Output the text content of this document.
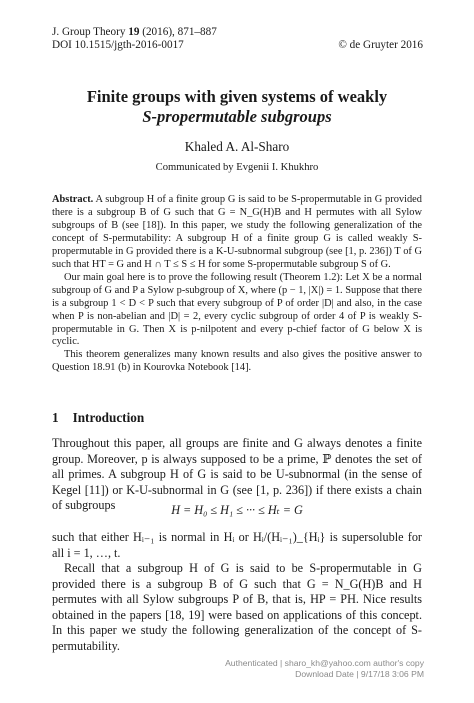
J. Group Theory 19 (2016), 871–887
DOI 10.1515/jgth-2016-0017	© de Gruyter 2016
Finite groups with given systems of weakly
S-propermutable subgroups
Khaled A. Al-Sharo
Communicated by Evgenii I. Khukhro

Abstract. A subgroup H of a finite group G is said to be S-propermutable in G provided there is a subgroup B of G such that G = N_G(H)B and H permutes with all Sylow subgroups of B (see [18]). In this paper, we study the following generalization of the concept of S-permutability: A subgroup H of a finite group G is called weakly S-propermutable in G provided there is a K-U-subnormal subgroup (see [1, p. 236]) T of G such that HT = G and H ∩ T ≤ S ≤ H for some S-propermutable subgroup S of G.

Our main goal here is to prove the following result (Theorem 1.2): Let X be a normal subgroup of G and P a Sylow p-subgroup of X, where (p − 1, |X|) = 1. Suppose that there is a subgroup 1 < D < P such that every subgroup of P of order |D| and also, in the case when P is non-abelian and |D| = 2, every cyclic subgroup of order 4 of P is weakly S-propermutable in G. Then X is p-nilpotent and every p-chief factor of G below X is cyclic.

This theorem generalizes many known results and also gives the positive answer to Question 18.91 (b) in Kourovka Notebook [14].

1 Introduction

Throughout this paper, all groups are finite and G always denotes a finite group. Moreover, p is always supposed to be a prime, ℙ denotes the set of all primes. A subgroup H of G is said to be U-subnormal (in the sense of Kegel [11]) or K-U-subnormal in G (see [1, p. 236]) if there exists a chain of subgroups	H = H₀ ≤ H₁ ≤ ··· ≤ Hₜ = G

such that either Hᵢ₋₁ is normal in Hᵢ or Hᵢ/(Hᵢ₋₁)_{Hᵢ} is supersoluble for all i = 1, …, t.

Recall that a subgroup H of G is said to be S-propermutable in G provided there is a subgroup B of G such that G = N_G(H)B and H permutes with all Sylow subgroups P of B, that is, HP = PH. Nice results obtained in the papers [18, 19] were based on applications of this concept. In this paper we study the following generalization of the concept of S-permutability.

Authenticated | sharo_kh@yahoo.com author's copy
Download Date | 9/17/18 3:06 PM
